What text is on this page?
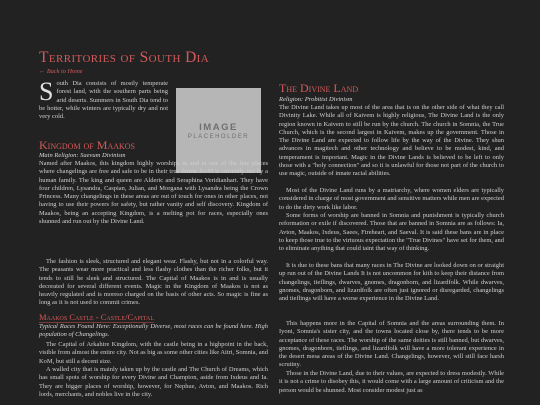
Territories of South Dia
← Back to Home

South Dia consists of mostly temperate forest land, with the southern parts being arid deserts. Summers in South Dia tend to be hotter, while winters are typically dry and not very cold.

IMAGE
PLACEHOLDER
Kingdom of Maakos
Main Religion: Saevum Divinism

Named after Maakos, this kingdom highly worships in and is one of the few places where changelings are free and safe to be in their true forms. KoM is currently run by a human family. The king and queen are Alderic and Seraphina Veridianhart. They have four children, Lysandra, Caspian, Julian, and Morgana with Lysandra being the Crown Princess. Many changelings in these areas are out of touch for ones in other places, not having to use their powers for safety, but rather vanity and self discovery. Kingdom of Maakos, being an accepting Kingdom, is a melting pot for races, especially ones shunned and run out by the Divine Land.

The fashion is sleek, structured and elegant wear. Flashy, but not in a colorful way. The peasants wear more practical and less flashy clothes than the richer folks, but it tends to still be sleek and structured. The Capital of Maakos is in and is usually decorated for several different events. Magic in the Kingdom of Maakos is not as heavily regulated and is moreso charged on the basis of other acts. So magic is fine as long as it is not used to commit crimes.

Maakos Castle - Castle/Capital

Typical Races Found Here: Exceptionally Diverse, most races can be found here. High population of Changelings.

The Capital of Arkahire Kingdom, with the castle being in a highpoint in the back, visible from almost the entire city. Not as big as some other cities like Aitri, Somnia, and KoM, but still a decent size.

A walled city that is mainly taken up by the castle and The Church of Dreams, which has small spots of worship for every Divine and Champion, aside from Ixdeus and Ia. They are bigger places of worship, however, for Nephue, Avton, and Maakos. Rich lords, merchants, and nobles live in the city.

The Divine Land
Religion: Probitist Divinism

The Divine Land takes up most of the area that is on the other side of what they call Divinity Lake. While all of Kaivem is highly religious, The Divine Land is the only region known in Kaivem to still be run by the church. The church in Somnia, the True Church, which is the second largest in Kaivem, makes up the government. Those in The Divine Land are expected to follow life by the way of the Divine. They shun advances in magitech and other technology and believe to be modest, kind, and temperament is important. Magic in the Divine Lands is believed to be left to only those with a "holy connection" and so it is unlawful for those not part of the church to use magic, outside of innate racial abilities.

Most of the Divine Land runs by a matriarchy, where women elders are typically considered in charge of most government and sensitive matters while men are expected to do the dirty work like labor.

Some forms of worship are banned in Somnia and punishment is typically church reformation or exile if discovered. Those that are banned in Somnia are as follows: Ia, Avton, Maakos, Ixdeus, Saees, Fireheart, and Saeval. It is said these bans are in place to keep those true to the virtuous expectation the "True Divines" have set for them, and to eliminate anything that could taint that way of thinking.

It is due to these bans that many races in The Divine are looked down on or straight up run out of the Divine Lands It is not uncommon for kith to keep their distance from changelings, tieflings, dwarves, gnomes, dragonborn, and lizardfolk. While dwarves, gnomes, dragonborn, and lizardfolk are often just ignored or disregarded, changelings and tieflings will have a worse experience in the Divine Land.

This happens more in the Capital of Somnia and the areas surrounding them. In Iyoni, Somnia's sister city, and the towns located close by, there tends to be more acceptance of these races. The worship of the same deities is still banned, but dwarves, gnomes, dragonborn, tieflings, and lizardfolk will have a more tolerant experience in the desert mesa areas of the Divine Land. Changelings, however, will still face harsh scrutiny.

Those in the Divine Land, due to their values, are expected to dress modestly. While it is not a crime to disobey this, it would come with a large amount of criticism and the person would be shunned. Most consider modest just as
